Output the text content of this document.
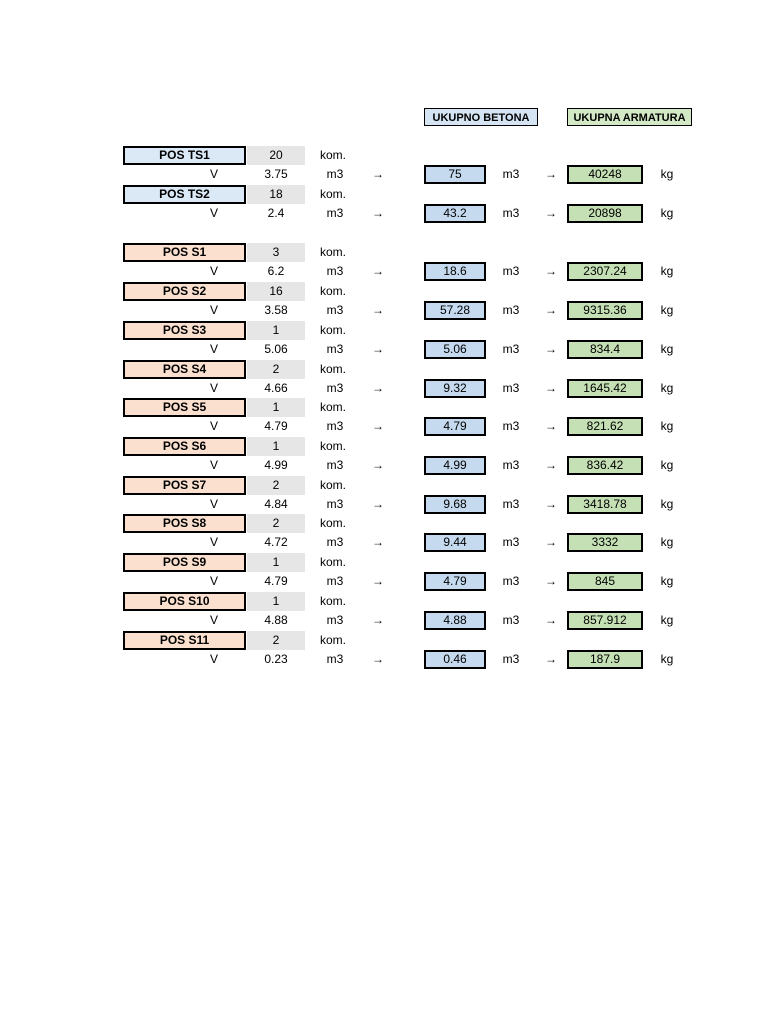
UKUPNO BETONA	UKUPNA ARMATURA
POS TS1	20	kom.
V	3.75	m3	→	75	m3	→	40248	kg
POS TS2	18	kom.
V	2.4	m3	→	43.2	m3	→	20898	kg
POS S1	3	kom.
V	6.2	m3	→	18.6	m3	→	2307.24	kg
POS S2	16	kom.
V	3.58	m3	→	57.28	m3	→	9315.36	kg
POS S3	1	kom.
V	5.06	m3	→	5.06	m3	→	834.4	kg
POS S4	2	kom.
V	4.66	m3	→	9.32	m3	→	1645.42	kg
POS S5	1	kom.
V	4.79	m3	→	4.79	m3	→	821.62	kg
POS S6	1	kom.
V	4.99	m3	→	4.99	m3	→	836.42	kg
POS S7	2	kom.
V	4.84	m3	→	9.68	m3	→	3418.78	kg
POS S8	2	kom.
V	4.72	m3	→	9.44	m3	→	3332	kg
POS S9	1	kom.
V	4.79	m3	→	4.79	m3	→	845	kg
POS S10	1	kom.
V	4.88	m3	→	4.88	m3	→	857.912	kg
POS S11	2	kom.
V	0.23	m3	→	0.46	m3	→	187.9	kg
